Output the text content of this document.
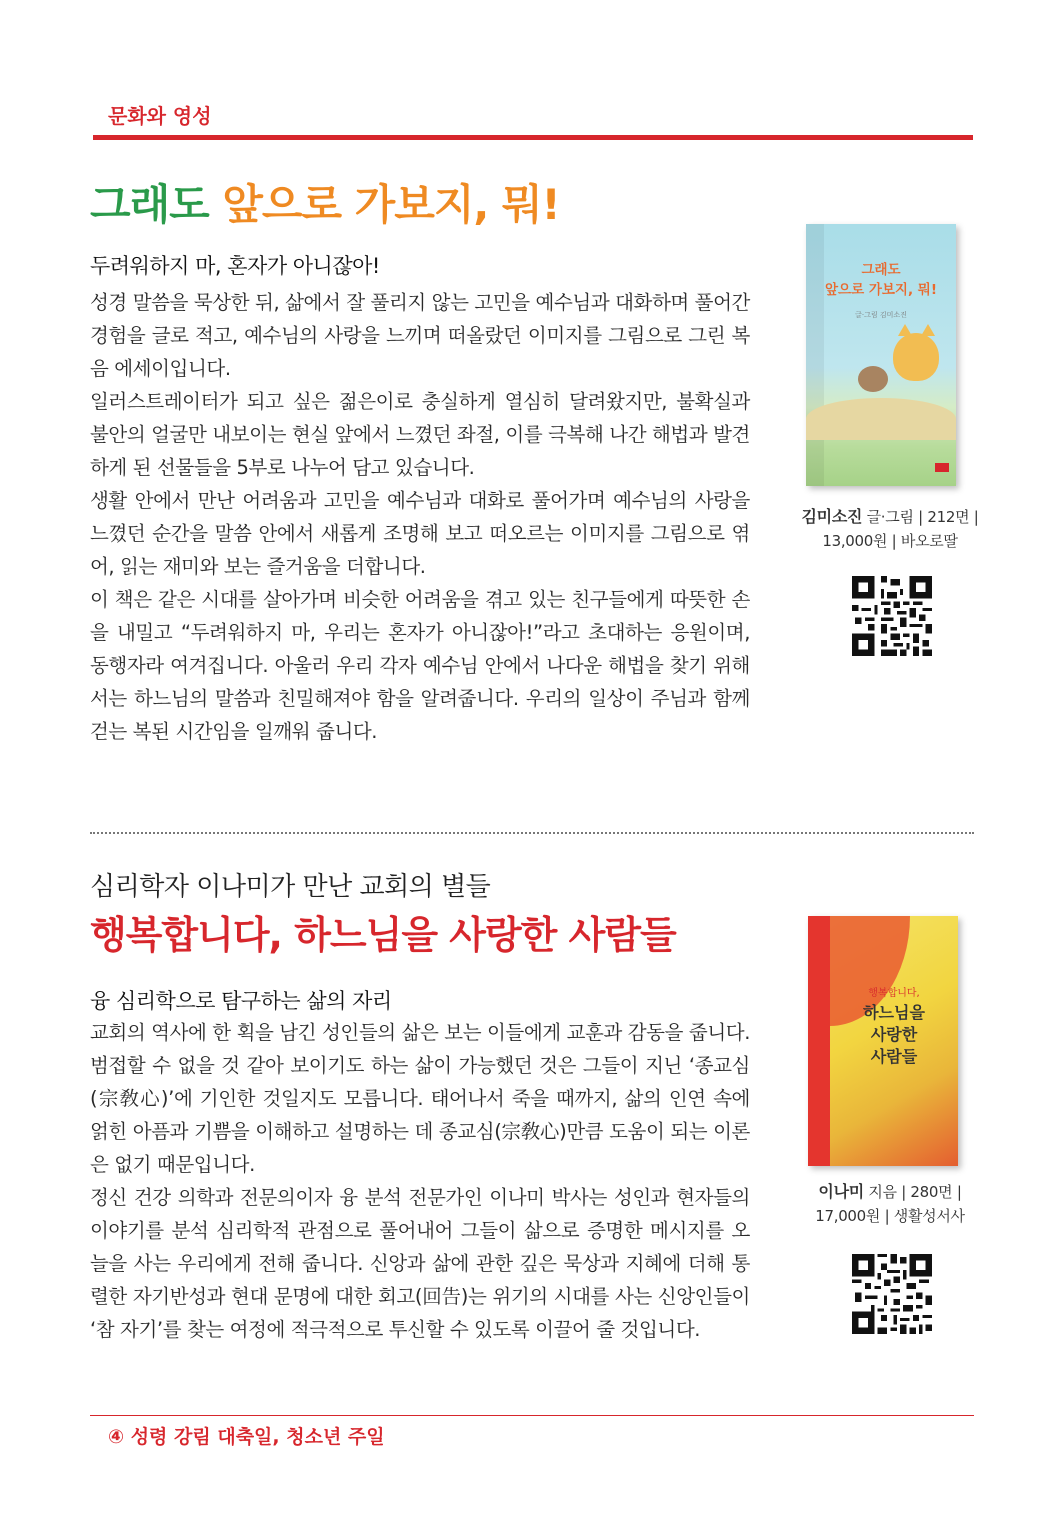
문화와 영성
그래도 앞으로 가보지, 뭐!
두려워하지 마, 혼자가 아니잖아!

성경 말씀을 묵상한 뒤, 삶에서 잘 풀리지 않는 고민을 예수님과 대화하며 풀어간 경험을 글로 적고, 예수님의 사랑을 느끼며 떠올랐던 이미지를 그림으로 그린 복음 에세이입니다.

일러스트레이터가 되고 싶은 젊은이로 충실하게 열심히 달려왔지만, 불확실과 불안의 얼굴만 내보이는 현실 앞에서 느꼈던 좌절, 이를 극복해 나간 해법과 발견하게 된 선물들을 5부로 나누어 담고 있습니다.

생활 안에서 만난 어려움과 고민을 예수님과 대화로 풀어가며 예수님의 사랑을 느꼈던 순간을 말씀 안에서 새롭게 조명해 보고 떠오르는 이미지를 그림으로 엮어, 읽는 재미와 보는 즐거움을 더합니다.

이 책은 같은 시대를 살아가며 비슷한 어려움을 겪고 있는 친구들에게 따뜻한 손을 내밀고 “두려워하지 마, 우리는 혼자가 아니잖아!”라고 초대하는 응원이며, 동행자라 여겨집니다. 아울러 우리 각자 예수님 안에서 나다운 해법을 찾기 위해서는 하느님의 말씀과 친밀해져야 함을 알려줍니다. 우리의 일상이 주님과 함께 걷는 복된 시간임을 일깨워 줍니다.

그래도
앞으로 가보지, 뭐!
글·그림 김미소진
김미소진 글·그림 | 212면 |
13,000원 | 바오로딸
심리학자 이나미가 만난 교회의 별들
행복합니다, 하느님을 사랑한 사람들
융 심리학으로 탐구하는 삶의 자리

교회의 역사에 한 획을 남긴 성인들의 삶은 보는 이들에게 교훈과 감동을 줍니다. 범접할 수 없을 것 같아 보이기도 하는 삶이 가능했던 것은 그들이 지닌 ‘종교심(宗敎心)’에 기인한 것일지도 모릅니다. 태어나서 죽을 때까지, 삶의 인연 속에 얽힌 아픔과 기쁨을 이해하고 설명하는 데 종교심(宗敎心)만큼 도움이 되는 이론은 없기 때문입니다.

정신 건강 의학과 전문의이자 융 분석 전문가인 이나미 박사는 성인과 현자들의 이야기를 분석 심리학적 관점으로 풀어내어 그들이 삶으로 증명한 메시지를 오늘을 사는 우리에게 전해 줍니다. 신앙과 삶에 관한 깊은 묵상과 지혜에 더해 통렬한 자기반성과 현대 문명에 대한 회고(回告)는 위기의 시대를 사는 신앙인들이 ‘참 자기’를 찾는 여정에 적극적으로 투신할 수 있도록 이끌어 줄 것입니다.

행복합니다,
하느님을
사랑한
사람들
이나미 지음 | 280면 |
17,000원 | 생활성서사
④ 성령 강림 대축일, 청소년 주일
